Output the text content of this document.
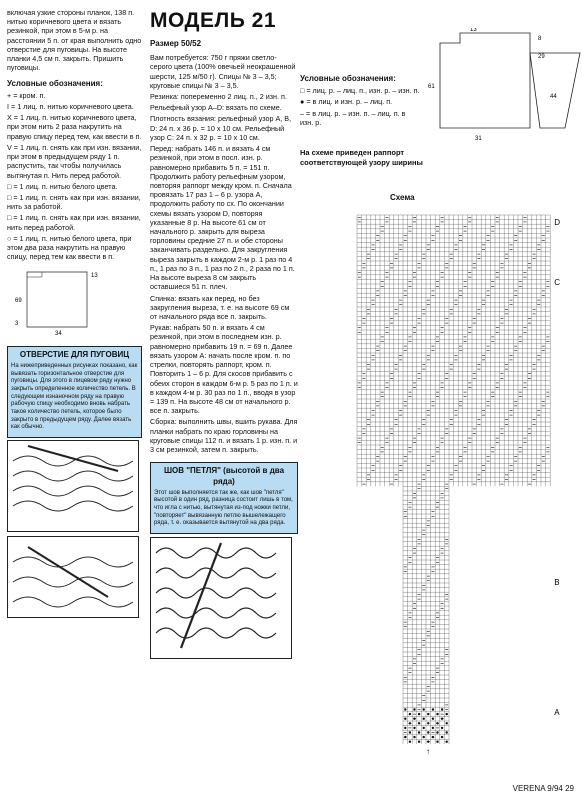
включая узкие стороны планок, 138 п. нитью коричневого цвета и вязать резинкой, при этом в 5-м р. на расстоянии 5 п. от края выполнить одно отверстие для пуговицы. На высоте планки 4,5 см п. закрыть. Пришить пуговицы.

Условные обозначения:

+ = кром. п.

I = 1 лиц. п. нитью коричневого цвета.

X = 1 лиц. п. нитью коричневого цвета, при этом нить 2 раза накрутить на правую спицу перед тем, как ввести в п.

V = 1 лиц. п. снять как при изн. вязании, при этом в предыдущем ряду 1 п. распустить, так чтобы получилась вытянутая п. Нить перед работой.

□ = 1 лиц. п. нитью белого цвета.

□ = 1 лиц. п. снять как при изн. вязании, нить за работой.

□ = 1 лиц. п. снять как при изн. вязании, нить перед работой.

○ = 1 лиц. п. нитью белого цвета, при этом два раза накрутить на правую спицу, перед тем как ввести в п.

69
3
34
13
ОТВЕРСТИЕ ДЛЯ ПУГОВИЦ

На нижеприведенных рисунках показано, как вывязать горизонтальное отверстие для пуговицы. Для этого в лицевом ряду нужно закрыть определенное количество петель. В следующем изнаночном ряду на правую рабочую спицу необходимо вновь набрать такое количество петель, которое было закрыто в предыдущем ряду. Далее вязать как обычно.

МОДЕЛЬ 21
Размер 50/52

Вам потребуется: 750 г пряжи светло-серого цвета (100% овечьей неокрашенной шерсти, 125 м/50 г). Спицы № 3 – 3,5; круговые спицы № 3 – 3,5.

Резинка: попеременно 2 лиц. п., 2 изн. п.

Рельефный узор А–D: вязать по схеме.

Плотность вязания: рельефный узор A, B, D: 24 п. х 36 р. = 10 х 10 см. Рельефный узор C: 24 п. х 32 р. = 10 х 10 см.

Перед: набрать 146 п. и вязать 4 см резинкой, при этом в посл. изн. р. равномерно прибавить 5 п. = 151 п. Продолжить работу рельефным узором, повторяя раппорт между кром. п. Сначала провязать 17 раз 1 – 6 р. узора A, продолжить работу по сх. По окончании схемы вязать узором D, повторяя указанные 8 р. На высоте 61 см от начального р. закрыть для выреза горловины средние 27 п. и обе стороны заканчивать раздельно. Для закругления выреза закрыть в каждом 2-м р. 1 раз по 4 п., 1 раз по 3 п., 1 раз по 2 п., 2 раза по 1 п. На высоте выреза 8 см закрыть оставшиеся 51 п. плеч.

Спинка: вязать как перед, но без закругления выреза, т. е. на высоте 69 см от начального ряда все п. закрыть.

Рукав: набрать 50 п. и вязать 4 см резинкой, при этом в последнем изн. р. равномерно прибавить 19 п. = 69 п. Далее вязать узором А: начать после кром. п. по стрелки, повторять раппорт, кром. п. Повторить 1 – 6 р. Для скосов прибавить с обеих сторон в каждом 6-м р. 5 раз по 1 п. и в каждом 4-м р. 30 раз по 1 п., вводя в узор = 139 п. На высоте 48 см от начального р. все п. закрыть.

Сборка: выполнить швы, вшить рукава. Для планки набрать по краю горловины на круговые спицы 112 п. и вязать 1 р. изн. п. и 3 см резинкой, затем п. закрыть.

ШОВ "ПЕТЛЯ" (высотой в два ряда)

Этот шов выполняется так же, как шов "петля" высотой в один ряд, разница состоит лишь в том, что игла с нитью, вытянутая из-под ножки петли, "повторяет" вывязанную петлю вышележащего ряда, т. е. оказывается вытянутой на два ряда.

29
8
61
31
13
44
Условные обозначения:

□ = лиц. р. – лиц. п., изн. р. – изн. п.

● = в лиц. и изн. р. – лиц. п.

– = в лиц. р. – изн. п. – лиц. п. в изн. р.

На схеме приведен раппорт соответствующей узору ширины
Схема
D
C
B
A
↑
VERENA 9/94 29
